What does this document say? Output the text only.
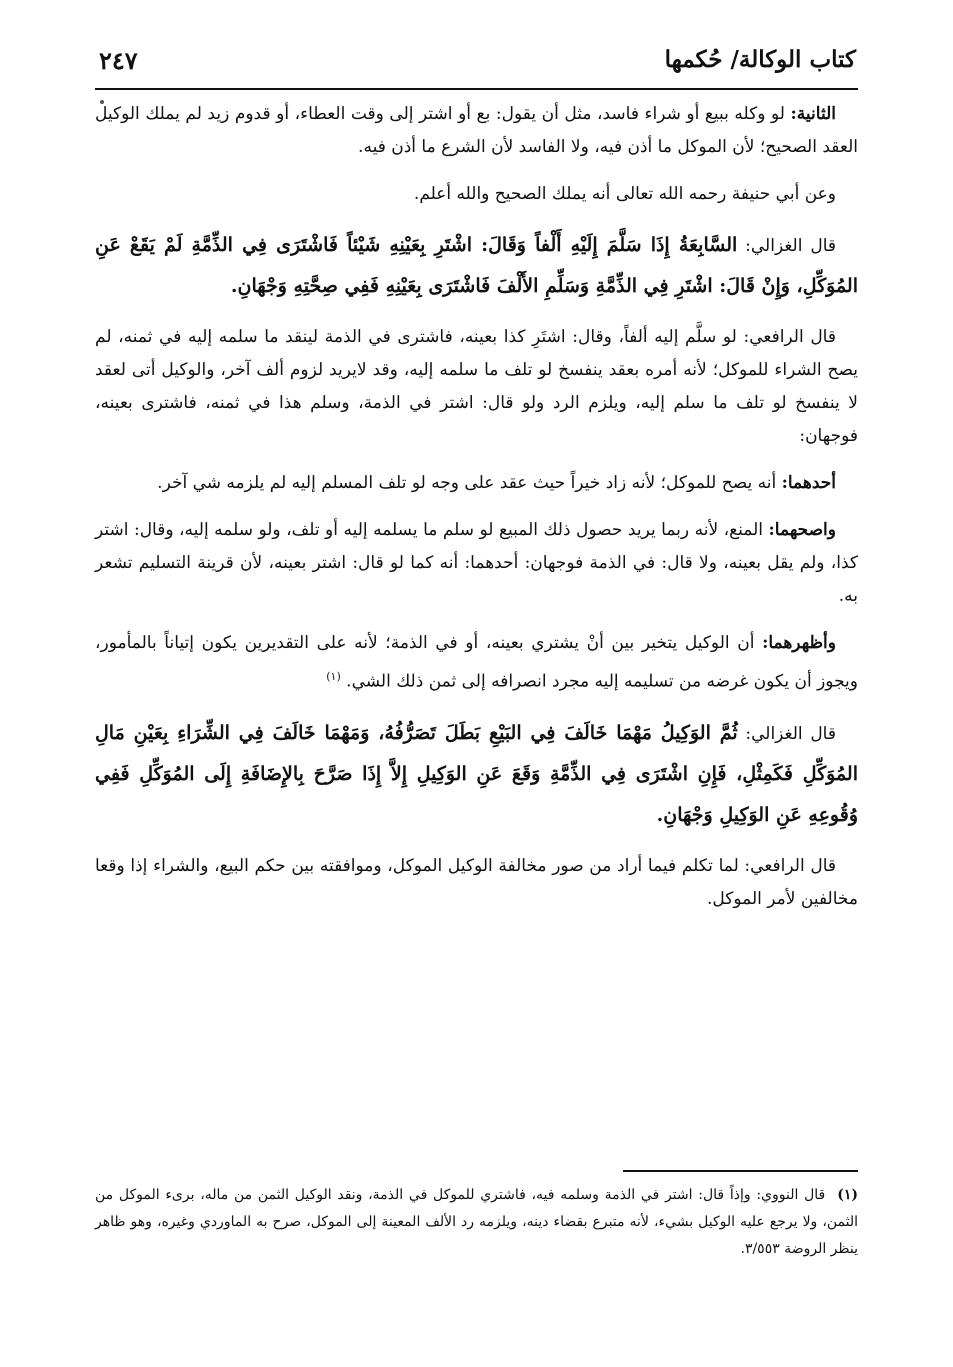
كتاب الوكالة/ حُكمها
٢٤٧

الثانية: لو وكله ببيع أو شراء فاسد، مثل أن يقول: بع أو اشتر إلى وقت العطاء، أو قدوم زيد لم يملك الوكيل العقد الصحيح؛ لأن الموكل ما أذن فيه، ولا الفاسد لأن الشرع ما أذن فيه.

وعن أبي حنيفة رحمه الله تعالى أنه يملك الصحيح والله أعلم.

قال الغزالي: السَّابِعَةُ إِذَا سَلَّمَ إِلَيْهِ أَلْفاً وَقَالَ: اشْتَرِ بِعَيْنِهِ شَيْئاً فَاشْتَرَى فِي الذِّمَّةِ لَمْ يَقَعْ عَنِ المُوَكِّلِ، وَإِنْ قَالَ: اشْتَرِ فِي الذِّمَّةِ وَسَلِّمِ الأَلْفَ فَاشْتَرَى بِعَيْنِهِ فَفِي صِحَّتِهِ وَجْهَانِ.

قال الرافعي: لو سلَّم إليه ألفاً، وقال: اشتَرِ كذا بعينه، فاشترى في الذمة لينقد ما سلمه إليه في ثمنه، لم يصح الشراء للموكل؛ لأنه أمره بعقد ينفسخ لو تلف ما سلمه إليه، وقد لايريد لزوم ألف آخر، والوكيل أتى لعقد لا ينفسخ لو تلف ما سلم إليه، ويلزم الرد ولو قال: اشتر في الذمة، وسلم هذا في ثمنه، فاشترى بعينه، فوجهان:

أحدهما: أنه يصح للموكل؛ لأنه زاد خيراً حيث عقد على وجه لو تلف المسلم إليه لم يلزمه شي آخر.

واصحهما: المنع، لأنه ربما يريد حصول ذلك المبيع لو سلم ما يسلمه إليه أو تلف، ولو سلمه إليه، وقال: اشتر كذا، ولم يقل بعينه، ولا قال: في الذمة فوجهان: أحدهما: أنه كما لو قال: اشتر بعينه، لأن قرينة التسليم تشعر به.

وأظهرهما: أن الوكيل يتخير بين أنْ يشتري بعينه، أو في الذمة؛ لأنه على التقديرين يكون إتياناً بالمأمور، ويجوز أن يكون غرضه من تسليمه إليه مجرد انصرافه إلى ثمن ذلك الشي. $^{(١)}$

قال الغزالي: ثُمَّ الوَكِيلُ مَهْمَا خَالَفَ فِي البَيْعِ بَطَلَ تَصَرُّفُهُ، وَمَهْمَا خَالَفَ فِي الشِّرَاءِ بِعَيْنِ مَالِ المُوَكِّلِ فَكَمِثْلِ، فَإِنِ اشْتَرَى فِي الذِّمَّةِ وَقَعَ عَنِ الوَكِيلِ إِلاَّ إِذَا صَرَّحَ بِالإِضَافَةِ إِلَى المُوَكِّلِ فَفِي وُقُوعِهِ عَنِ الوَكِيلِ وَجْهَانِ.

قال الرافعي: لما تكلم فيما أراد من صور مخالفة الوكيل الموكل، وموافقته بين حكم البيع، والشراء إذا وقعا مخالفين لأمر الموكل.

(١)قال النووي: وإذاً قال: اشتر في الذمة وسلمه فيه، فاشتري للموكل في الذمة، ونقد الوكيل الثمن من ماله، برىء الموكل من الثمن، ولا يرجع عليه الوكيل بشيء، لأنه متبرع بقضاء دينه، ويلزمه رد الألف المعينة إلى الموكل، صرح به الماوردي وغيره، وهو ظاهر ينظر الروضة ٣/٥٥٣.
